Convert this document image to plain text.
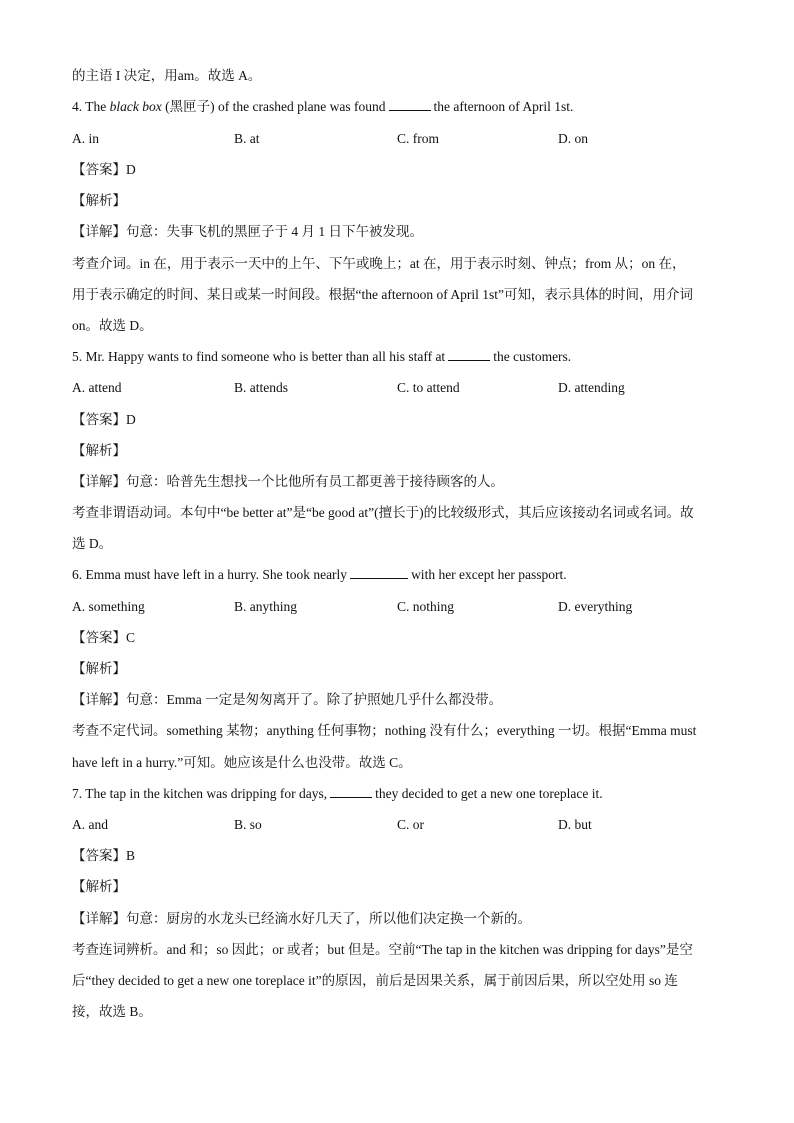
的主语 I 决定，用am。故选 A。
4. The black box (黑匣子) of the crashed plane was found	the afternoon of April 1st.
A. in	B. at	C. from	D. on
【答案】D
【解析】
【详解】句意：失事飞机的黑匣子于 4 月 1 日下午被发现。
考查介词。in 在，用于表示一天中的上午、下午或晚上；at 在，用于表示时刻、钟点；from 从；on 在，
用于表示确定的时间、某日或某一时间段。根据“the afternoon of April 1st”可知，表示具体的时间，用介词
on。故选 D。
5. Mr. Happy wants to find someone who is better than all his staff at	the customers.
A. attend	B. attends	C. to attend	D. attending
【答案】D
【解析】
【详解】句意：哈普先生想找一个比他所有员工都更善于接待顾客的人。
考查非谓语动词。本句中“be better at”是“be good at”(擅长于)的比较级形式，其后应该接动名词或名词。故
选 D。
6. Emma must have left in a hurry. She took nearly	with her except her passport.
A. something	B. anything	C. nothing	D. everything
【答案】C
【解析】
【详解】句意：Emma 一定是匆匆离开了。除了护照她几乎什么都没带。
考查不定代词。something 某物；anything 任何事物；nothing 没有什么；everything 一切。根据“Emma must
have left in a hurry.”可知。她应该是什么也没带。故选 C。
7. The tap in the kitchen was dripping for days,	they decided to get a new one toreplace it.
A. and	B. so	C. or	D. but
【答案】B
【解析】
【详解】句意：厨房的水龙头已经滴水好几天了，所以他们决定换一个新的。
考查连词辨析。and 和；so 因此；or 或者；but 但是。空前“The tap in the kitchen was dripping for days”是空
后“they decided to get a new one toreplace it”的原因，前后是因果关系，属于前因后果，所以空处用 so 连
接，故选 B。
